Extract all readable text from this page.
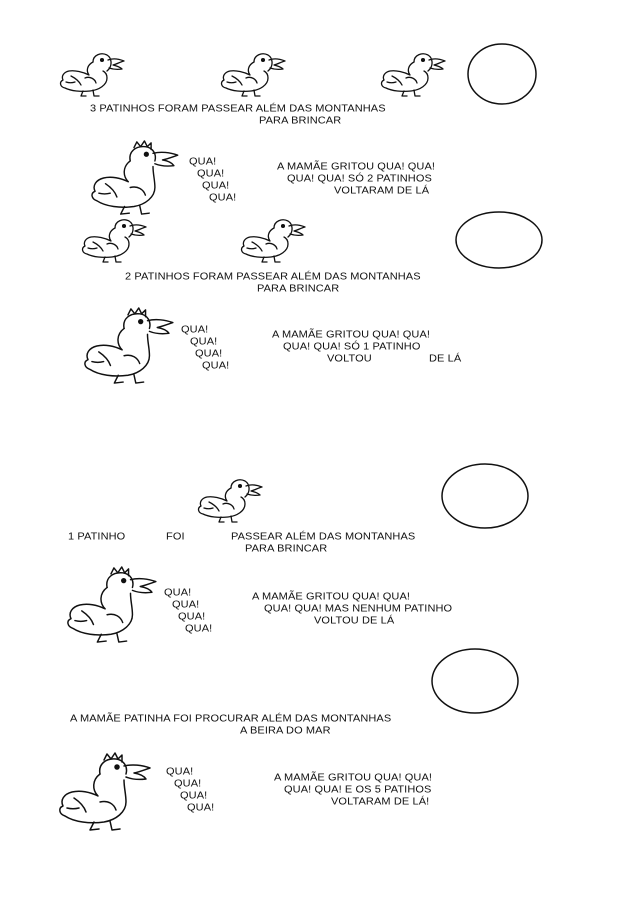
3 PATINHOS FORAM PASSEAR ALÉM DAS MONTANHAS
PARA BRINCAR
QUA!
QUA!
QUA!
QUA!
A MAMÃE GRITOU QUA! QUA!
QUA! QUA! SÓ 2 PATINHOS
VOLTARAM DE LÁ
2 PATINHOS FORAM PASSEAR ALÉM DAS MONTANHAS
PARA BRINCAR
QUA!
QUA!
QUA!
QUA!
A MAMÃE GRITOU QUA! QUA!
QUA! QUA! SÓ 1 PATINHO
VOLTOU	DE LÁ
1 PATINHO	FOI	PASSEAR ALÉM DAS MONTANHAS
PARA BRINCAR
QUA!
QUA!
QUA!
QUA!
A MAMÃE GRITOU QUA! QUA!
QUA! QUA! MAS NENHUM PATINHO
VOLTOU DE LÁ
A MAMÃE PATINHA FOI PROCURAR ALÉM DAS MONTANHAS
A BEIRA DO MAR
QUA!
QUA!
QUA!
QUA!
A MAMÃE GRITOU QUA! QUA!
QUA! QUA! E OS 5 PATIHOS
VOLTARAM DE LÁ!
